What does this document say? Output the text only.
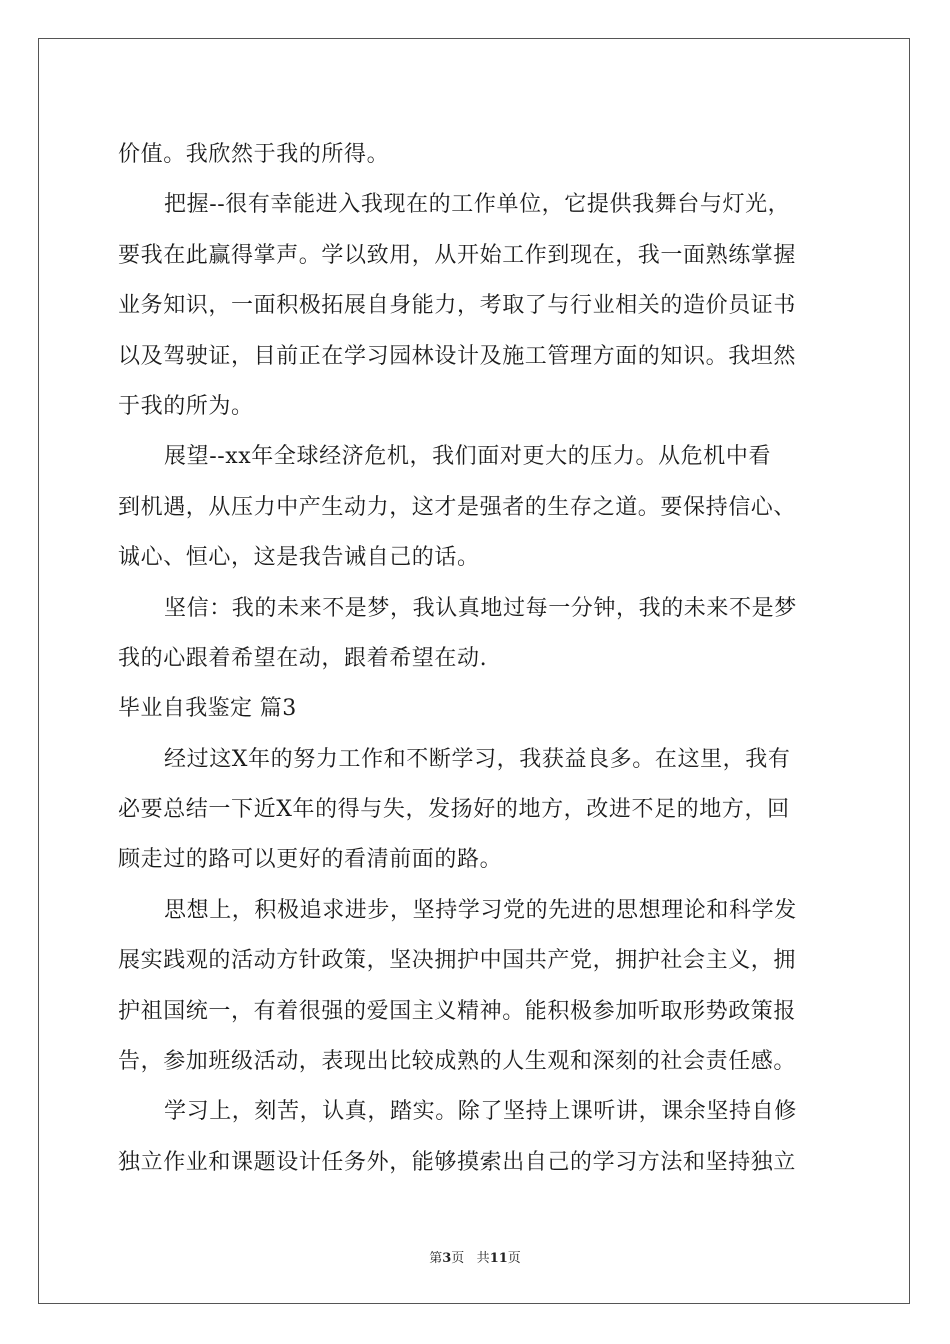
价值。我欣然于我的所得。
把握--很有幸能进入我现在的工作单位，它提供我舞台与灯光，
要我在此赢得掌声。学以致用，从开始工作到现在，我一面熟练掌握
业务知识，一面积极拓展自身能力，考取了与行业相关的造价员证书
以及驾驶证，目前正在学习园林设计及施工管理方面的知识。我坦然
于我的所为。
展望--xx年全球经济危机，我们面对更大的压力。从危机中看
到机遇，从压力中产生动力，这才是强者的生存之道。要保持信心、
诚心、恒心，这是我告诫自己的话。
坚信：我的未来不是梦，我认真地过每一分钟，我的未来不是梦
我的心跟着希望在动，跟着希望在动.
毕业自我鉴定 篇3
经过这X年的努力工作和不断学习，我获益良多。在这里，我有
必要总结一下近X年的得与失，发扬好的地方，改进不足的地方，回
顾走过的路可以更好的看清前面的路。
思想上，积极追求进步，坚持学习党的先进的思想理论和科学发
展实践观的活动方针政策，坚决拥护中国共产党，拥护社会主义，拥
护祖国统一，有着很强的爱国主义精神。能积极参加听取形势政策报
告，参加班级活动，表现出比较成熟的人生观和深刻的社会责任感。
学习上，刻苦，认真，踏实。除了坚持上课听讲，课余坚持自修
独立作业和课题设计任务外，能够摸索出自己的学习方法和坚持独立
第3页 共11页
